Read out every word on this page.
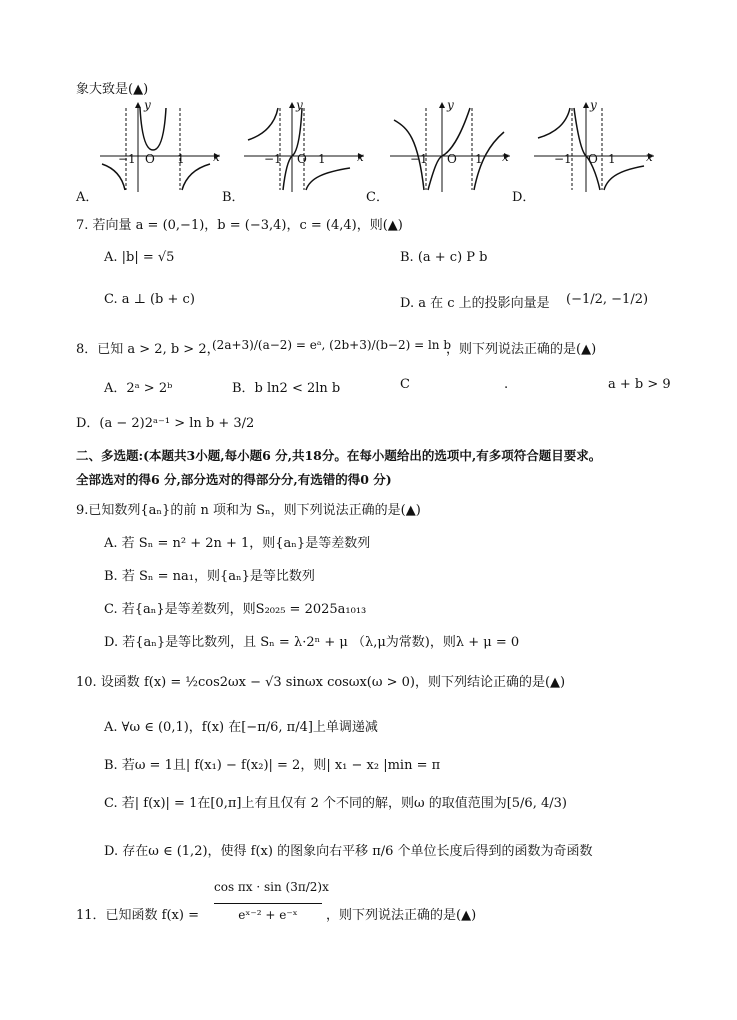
象大致是(▲)
−1 O 1 x
y
A．
−1 O 1	x
y
B．
−1 O 1 x
y
C．
−1 O 1	x
y
D．
7. 若向量 a = (0,−1)，b = (−3,4)，c = (4,4)，则(▲)
A. |b| = √5	B. (a + c) P b
C. a ⊥ (b + c)	D. a 在 c 上的投影向量是 (−1/2, −1/2)
8．已知 a > 2, b > 2，
(2a+3)/(a−2) = eᵃ, (2b+3)/(b−2) = ln b
，则下列说法正确的是(▲)
A．2ᵃ > 2ᵇ	B．b ln2 < 2ln b	C	.	a + b > 9
D．(a − 2)2ᵃ⁻¹ > ln b + 3/2
二、多选题:(本题共3小题,每小题6 分,共18分。在每小题给出的选项中,有多项符合题目要求。
全部选对的得6 分,部分选对的得部分分,有选错的得0 分)
9.已知数列{aₙ}的前 n 项和为 Sₙ，则下列说法正确的是(▲)
A. 若 Sₙ = n² + 2n + 1，则{aₙ}是等差数列
B. 若 Sₙ = na₁，则{aₙ}是等比数列
C. 若{aₙ}是等差数列，则S₂₀₂₅ = 2025a₁₀₁₃
D. 若{aₙ}是等比数列，且 Sₙ = λ·2ⁿ + μ （λ,μ为常数)，则λ + μ = 0
10. 设函数 f(x) = ½cos2ωx − √3 sinωx cosωx(ω > 0)，则下列结论正确的是(▲)
A. ∀ω ∈ (0,1)，f(x) 在[−π/6, π/4]上单调递减
B. 若ω = 1且| f(x₁) − f(x₂)| = 2，则| x₁ − x₂ |min = π
C. 若| f(x)| = 1在[0,π]上有且仅有 2 个不同的解，则ω 的取值范围为[5/6, 4/3)
D. 存在ω ∈ (1,2)，使得 f(x) 的图象向右平移 π/6 个单位长度后得到的函数为奇函数
11．已知函数 f(x) =
cos πx · sin (3π/2)x
eˣ⁻² + e⁻ˣ	，则下列说法正确的是(▲)
